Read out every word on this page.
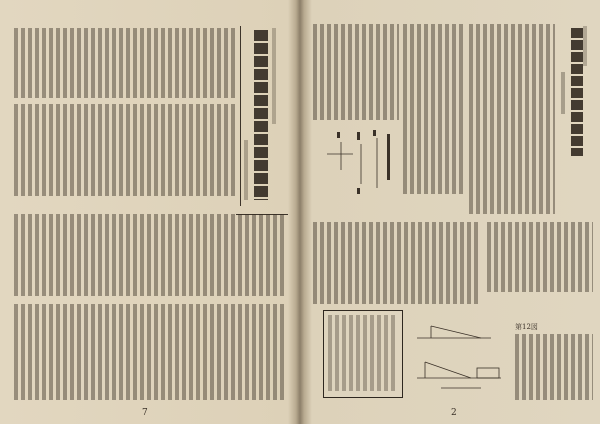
7
第12図
2
